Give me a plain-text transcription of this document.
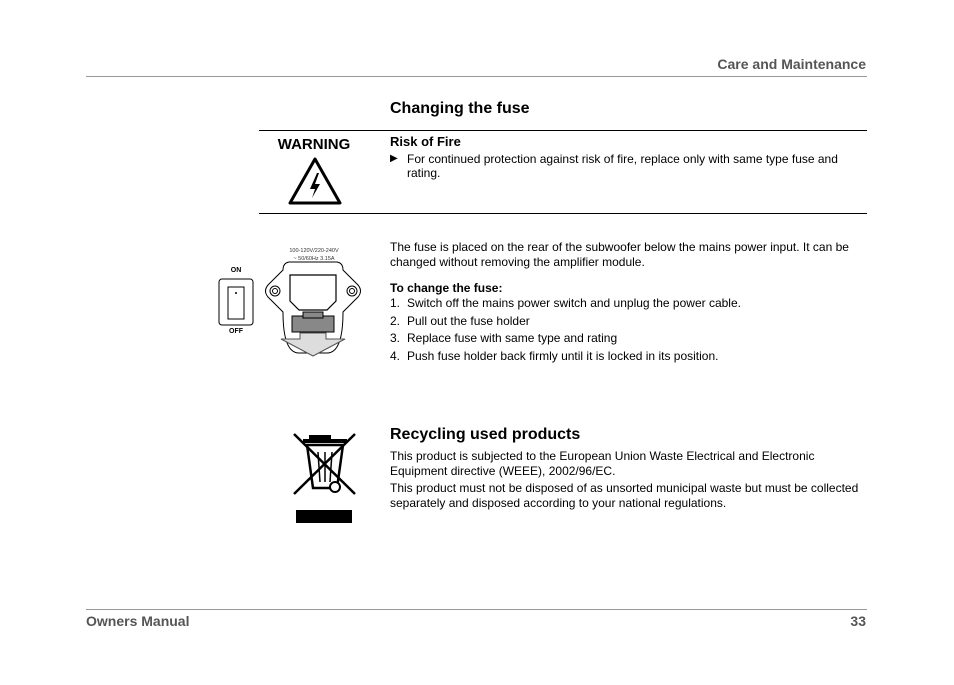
Care and Maintenance
Changing the fuse
WARNING	Risk of Fire
▶ For continued protection against risk of fire, replace only with same type fuse and rating.
ON
OFF
100-120V/220-240V
~ 50/60Hz 3.15A
The fuse is placed on the rear of the subwoofer below the mains power input. It can be changed without removing the amplifier module.
To change the fuse:
1. Switch off the mains power switch and unplug the power cable.
2. Pull out the fuse holder
3. Replace fuse with same type and rating
4. Push fuse holder back firmly until it is locked in its position.
Recycling used products
This product is subjected to the European Union Waste Electrical and Electronic Equipment directive (WEEE), 2002/96/EC.
This product must not be disposed of as unsorted municipal waste but must be collected separately and disposed according to your national regulations.
Owners Manual	33
